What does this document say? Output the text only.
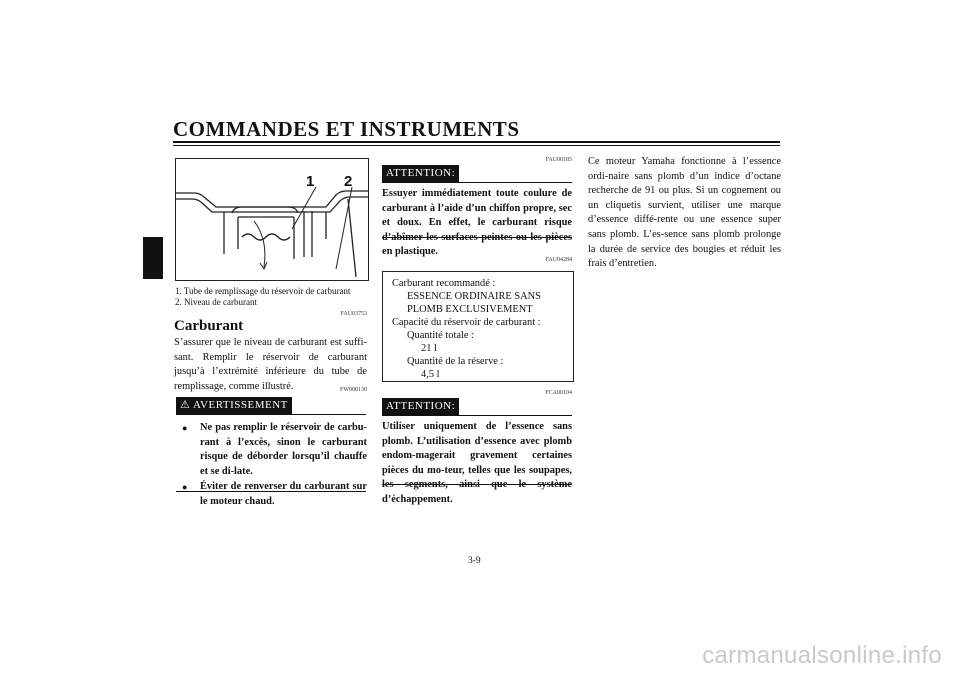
COMMANDES ET INSTRUMENTS
3
1 2
1. Tube de remplissage du réservoir de carburant
2. Niveau de carburant
FAU03753
Carburant
S’assurer que le niveau de carburant est suffi-sant. Remplir le réservoir de carburant jusqu’à l’extrémité inférieure du tube de remplissage, comme illustré.	FW000130
⚠ AVERTISSEMENT
● Ne pas remplir le réservoir de carbu-rant à l’excès, sinon le carburant risque de déborder lorsqu’il chauffe et se di-late.
● Éviter de renverser du carburant sur le moteur chaud.
FAU00185
ATTENTION:
Essuyer immédiatement toute coulure de carburant à l’aide d’un chiffon propre, sec et doux. En effet, le carburant risque d’abîmer les surfaces peintes ou les pièces en plastique.
FAU04284
Carburant recommandé :
ESSENCE ORDINAIRE SANS
PLOMB EXCLUSIVEMENT
Capacité du réservoir de carburant :
Quantité totale :
21 l
Quantité de la réserve :
4,5 l
FCA00104
ATTENTION:
Utiliser uniquement de l’essence sans plomb. L’utilisation d’essence avec plomb endom-magerait gravement certaines pièces du mo-teur, telles que les soupapes, les segments, ainsi que le système d’échappement.
Ce moteur Yamaha fonctionne à l’essence ordi-naire sans plomb d’un indice d’octane recherche de 91 ou plus. Si un cognement ou un cliquetis survient, utiliser une marque d’essence diffé-rente ou une essence super sans plomb. L’es-sence sans plomb prolonge la durée de service des bougies et réduit les frais d’entretien.
3-9
carmanualsonline.info
